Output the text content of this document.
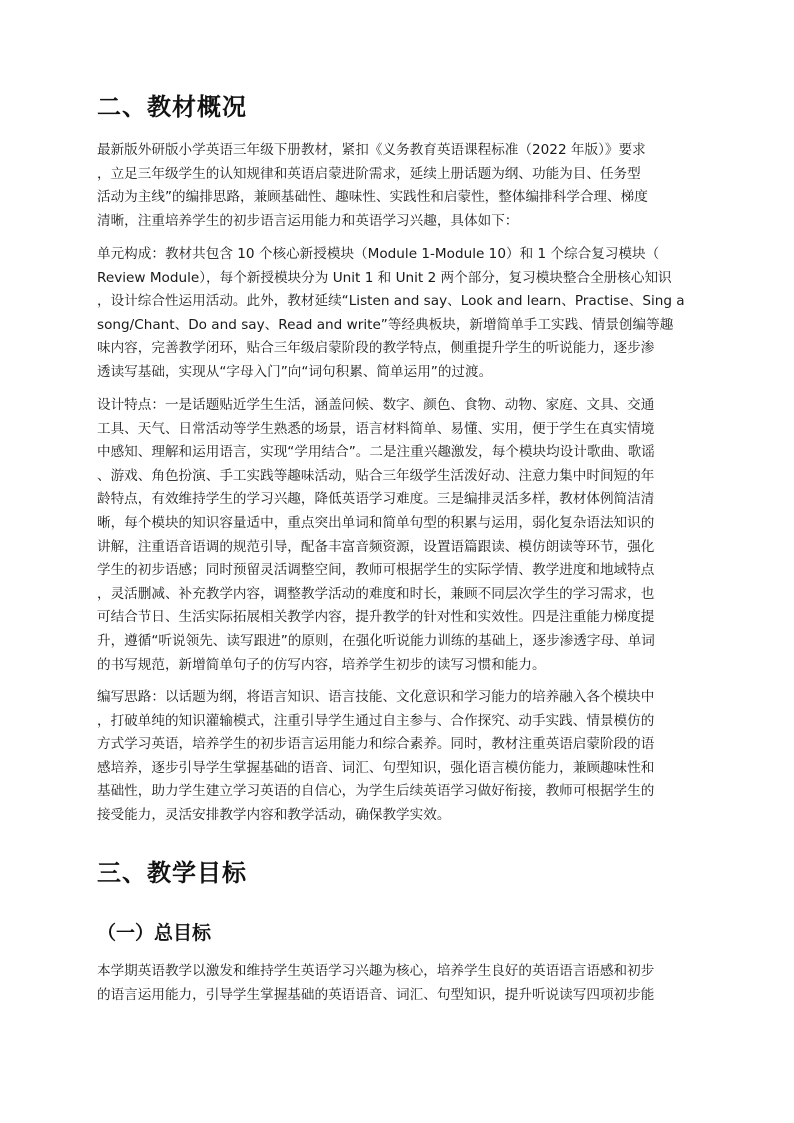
二、教材概况
最新版外研版小学英语三年级下册教材，紧扣《义务教育英语课程标准（2022 年版）》要求
，立足三年级学生的认知规律和英语启蒙进阶需求，延续上册话题为纲、功能为目、任务型
活动为主线”的编排思路，兼顾基础性、趣味性、实践性和启蒙性，整体编排科学合理、梯度
清晰，注重培养学生的初步语言运用能力和英语学习兴趣，具体如下：
单元构成：教材共包含 10 个核心新授模块（Module 1-Module 10）和 1 个综合复习模块（
Review Module），每个新授模块分为 Unit 1 和 Unit 2 两个部分，复习模块整合全册核心知识
，设计综合性运用活动。此外，教材延续“Listen and say、Look and learn、Practise、Sing a
song/Chant、Do and say、Read and write”等经典板块，新增简单手工实践、情景创编等趣
味内容，完善教学闭环，贴合三年级启蒙阶段的教学特点，侧重提升学生的听说能力，逐步渗
透读写基础，实现从“字母入门”向“词句积累、简单运用”的过渡。
设计特点：一是话题贴近学生生活，涵盖问候、数字、颜色、食物、动物、家庭、文具、交通
工具、天气、日常活动等学生熟悉的场景，语言材料简单、易懂、实用，便于学生在真实情境
中感知、理解和运用语言，实现“学用结合”。二是注重兴趣激发，每个模块均设计歌曲、歌谣
、游戏、角色扮演、手工实践等趣味活动，贴合三年级学生活泼好动、注意力集中时间短的年
龄特点，有效维持学生的学习兴趣，降低英语学习难度。三是编排灵活多样，教材体例简洁清
晰，每个模块的知识容量适中，重点突出单词和简单句型的积累与运用，弱化复杂语法知识的
讲解，注重语音语调的规范引导，配备丰富音频资源，设置语篇跟读、模仿朗读等环节，强化
学生的初步语感；同时预留灵活调整空间，教师可根据学生的实际学情、教学进度和地域特点
，灵活删减、补充教学内容，调整教学活动的难度和时长，兼顾不同层次学生的学习需求，也
可结合节日、生活实际拓展相关教学内容，提升教学的针对性和实效性。四是注重能力梯度提
升，遵循“听说领先、读写跟进”的原则，在强化听说能力训练的基础上，逐步渗透字母、单词
的书写规范，新增简单句子的仿写内容，培养学生初步的读写习惯和能力。
编写思路：以话题为纲，将语言知识、语言技能、文化意识和学习能力的培养融入各个模块中
，打破单纯的知识灌输模式，注重引导学生通过自主参与、合作探究、动手实践、情景模仿的
方式学习英语，培养学生的初步语言运用能力和综合素养。同时，教材注重英语启蒙阶段的语
感培养，逐步引导学生掌握基础的语音、词汇、句型知识，强化语言模仿能力，兼顾趣味性和
基础性，助力学生建立学习英语的自信心，为学生后续英语学习做好衔接，教师可根据学生的
接受能力，灵活安排教学内容和教学活动，确保教学实效。
三、教学目标
（一）总目标
本学期英语教学以激发和维持学生英语学习兴趣为核心，培养学生良好的英语语言语感和初步
的语言运用能力，引导学生掌握基础的英语语音、词汇、句型知识，提升听说读写四项初步能
